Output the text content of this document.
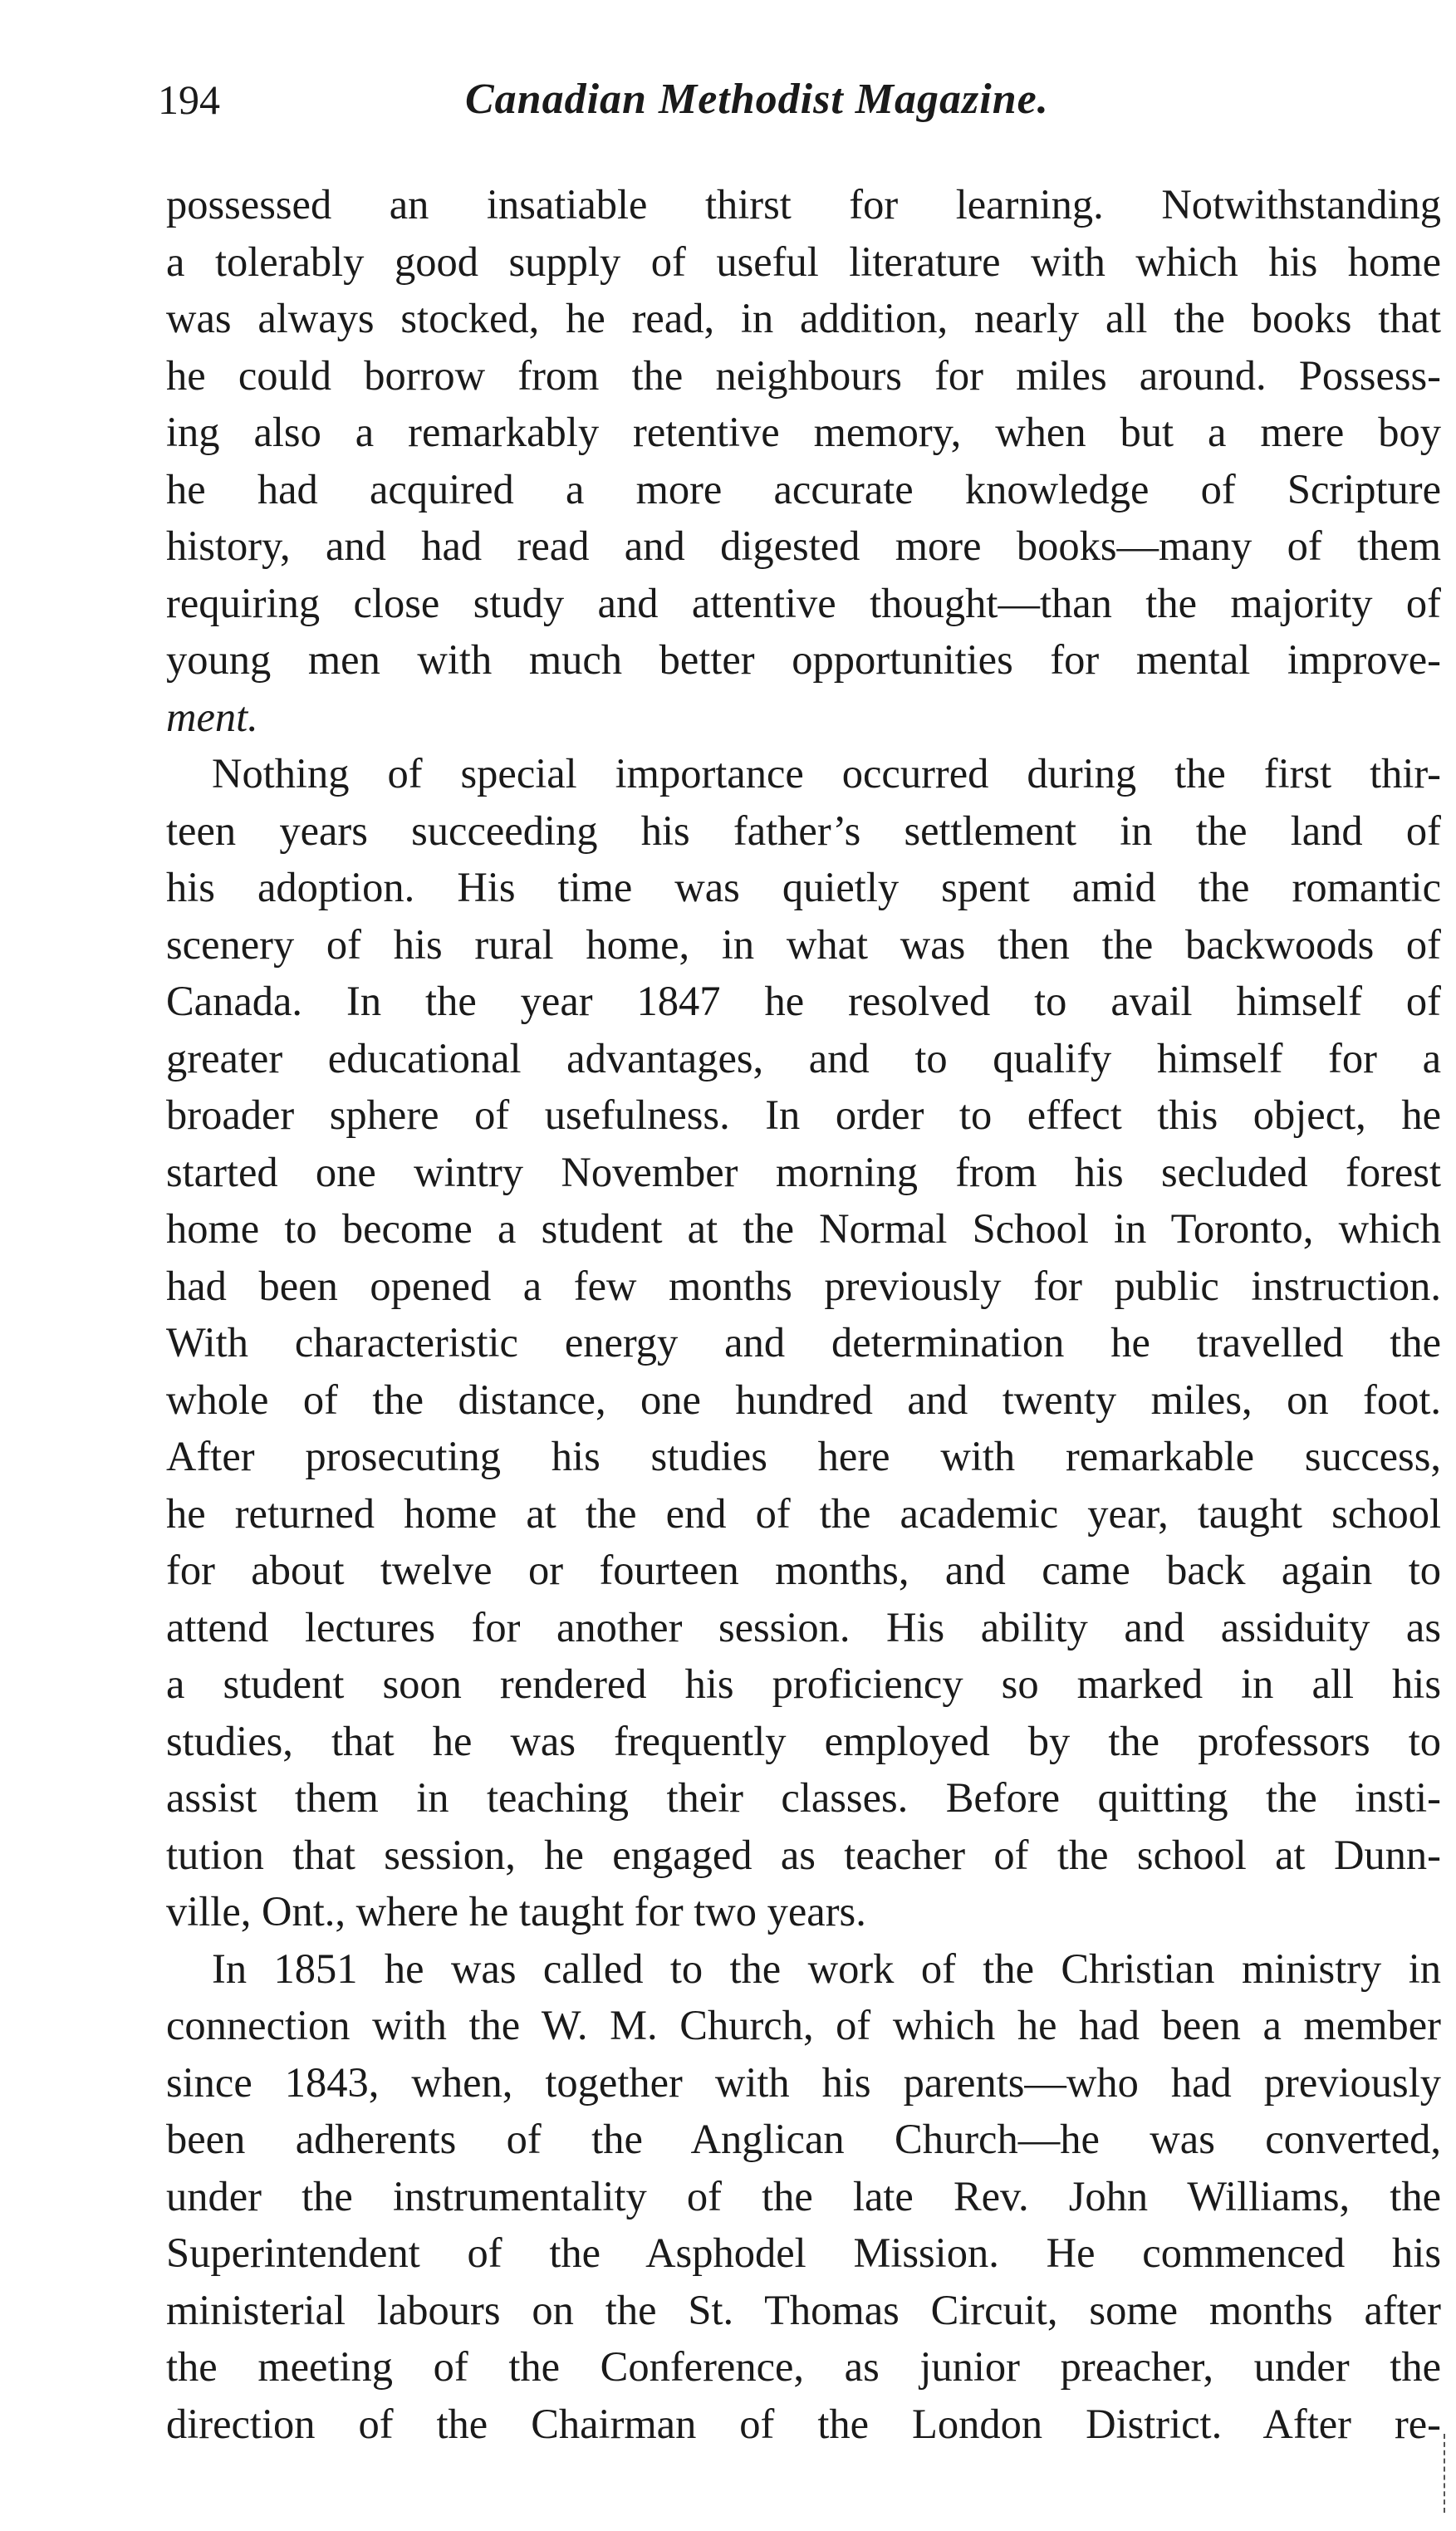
194	Canadian Methodist Magazine.
possessed an insatiable thirst for learning. Notwithstanding
a tolerably good supply of useful literature with which his home
was always stocked, he read, in addition, nearly all the books that
he could borrow from the neighbours for miles around. Possess-
ing also a remarkably retentive memory, when but a mere boy
he had acquired a more accurate knowledge of Scripture
history, and had read and digested more books—many of them
requiring close study and attentive thought—than the majority of
young men with much better opportunities for mental improve-
ment.
Nothing of special importance occurred during the first thir-
teen years succeeding his father’s settlement in the land of
his adoption. His time was quietly spent amid the romantic
scenery of his rural home, in what was then the backwoods of
Canada. In the year 1847 he resolved to avail himself of
greater educational advantages, and to qualify himself for a
broader sphere of usefulness. In order to effect this object, he
started one wintry November morning from his secluded forest
home to become a student at the Normal School in Toronto, which
had been opened a few months previously for public instruction.
With characteristic energy and determination he travelled the
whole of the distance, one hundred and twenty miles, on foot.
After prosecuting his studies here with remarkable success,
he returned home at the end of the academic year, taught school
for about twelve or fourteen months, and came back again to
attend lectures for another session. His ability and assiduity as
a student soon rendered his proficiency so marked in all his
studies, that he was frequently employed by the professors to
assist them in teaching their classes. Before quitting the insti-
tution that session, he engaged as teacher of the school at Dunn-
ville, Ont., where he taught for two years.
In 1851 he was called to the work of the Christian ministry in
connection with the W. M. Church, of which he had been a member
since 1843, when, together with his parents—who had previously
been adherents of the Anglican Church—he was converted,
under the instrumentality of the late Rev. John Williams, the
Superintendent of the Asphodel Mission. He commenced his
ministerial labours on the St. Thomas Circuit, some months after
the meeting of the Conference, as junior preacher, under the
direction of the Chairman of the London District. After re-
